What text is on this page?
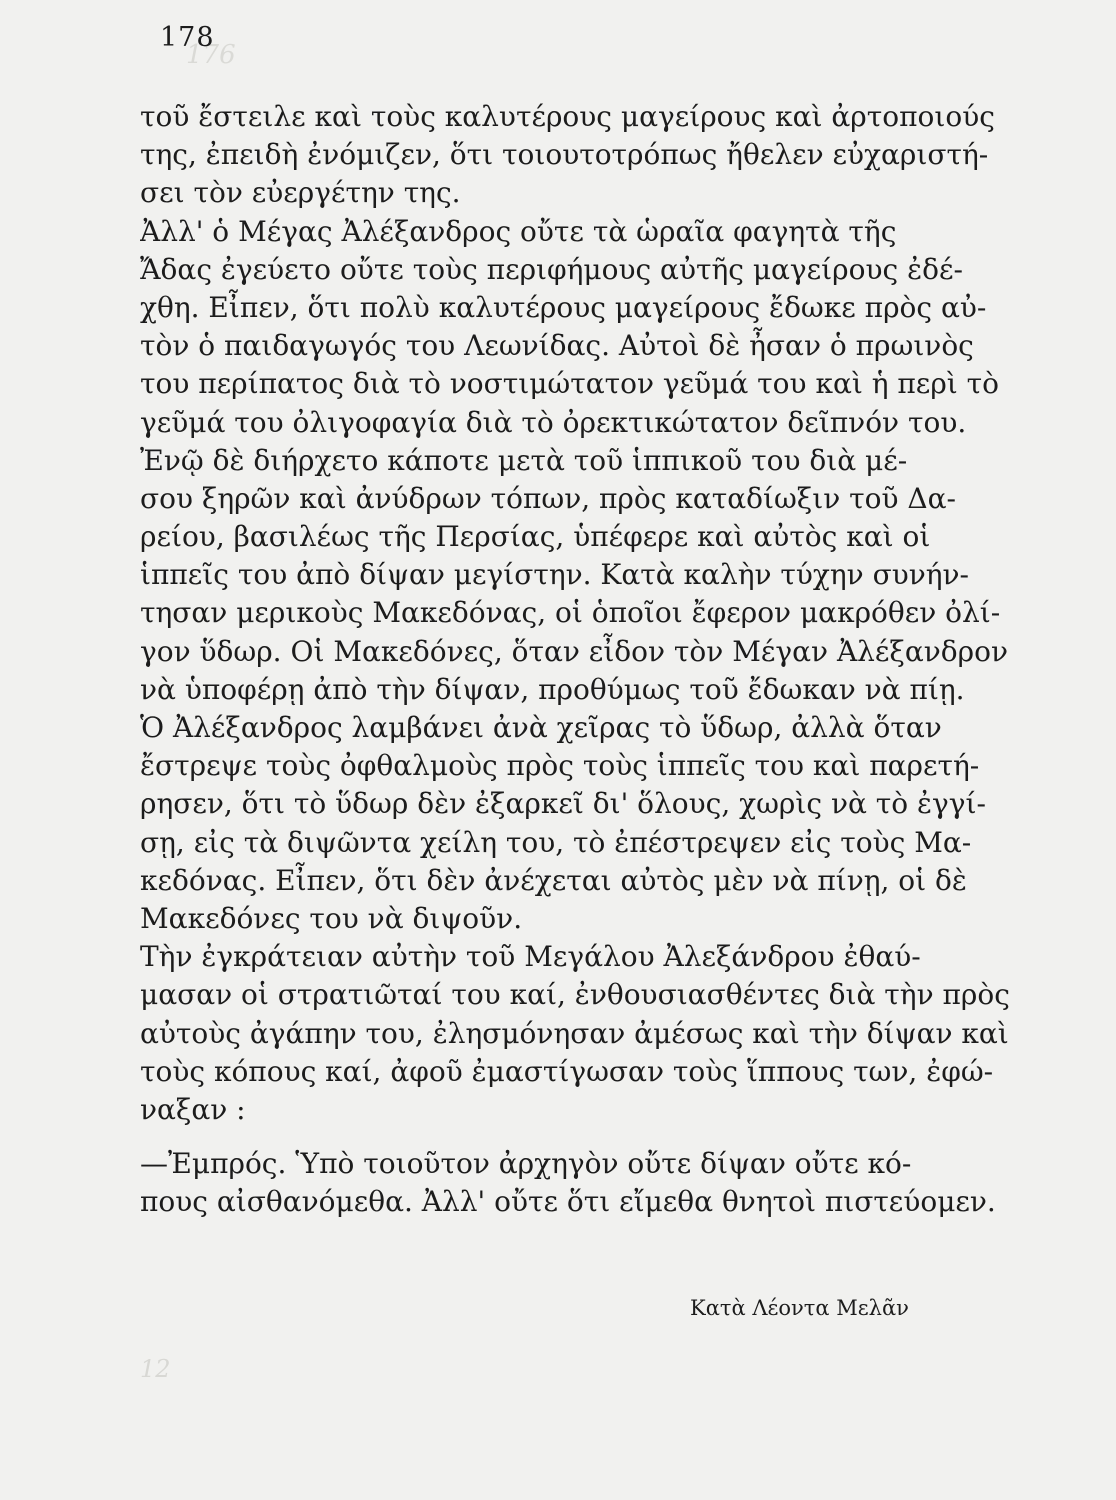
176
178
τοῦ ἔστειλε καὶ τοὺς καλυτέρους μαγείρους καὶ ἀρτοποιούς
της, ἐπειδὴ ἐνόμιζεν, ὅτι τοιουτοτρόπως ἤθελεν εὐχαριστή-
σει τὸν εὐεργέτην της.
Ἀλλ' ὁ Μέγας Ἀλέξανδρος οὔτε τὰ ὡραῖα φαγητὰ τῆς
Ἄδας ἐγεύετο οὔτε τοὺς περιφήμους αὐτῆς μαγείρους ἐδέ-
χθη. Εἶπεν, ὅτι πολὺ καλυτέρους μαγείρους ἔδωκε πρὸς αὐ-
τὸν ὁ παιδαγωγός του Λεωνίδας. Αὐτοὶ δὲ ἦσαν ὁ πρωινὸς
του περίπατος διὰ τὸ νοστιμώτατον γεῦμά του καὶ ἡ περὶ τὸ
γεῦμά του ὀλιγοφαγία διὰ τὸ ὀρεκτικώτατον δεῖπνόν του.
Ἐνῷ δὲ διήρχετο κάποτε μετὰ τοῦ ἱππικοῦ του διὰ μέ-
σου ξηρῶν καὶ ἀνύδρων τόπων, πρὸς καταδίωξιν τοῦ Δα-
ρείου, βασιλέως τῆς Περσίας, ὑπέφερε καὶ αὐτὸς καὶ οἱ
ἱππεῖς του ἀπὸ δίψαν μεγίστην. Κατὰ καλὴν τύχην συνήν-
τησαν μερικοὺς Μακεδόνας, οἱ ὁποῖοι ἔφερον μακρόθεν ὀλί-
γον ὕδωρ. Οἱ Μακεδόνες, ὅταν εἶδον τὸν Μέγαν Ἀλέξανδρον
νὰ ὑποφέρῃ ἀπὸ τὴν δίψαν, προθύμως τοῦ ἔδωκαν νὰ πίῃ.
Ὁ Ἀλέξανδρος λαμβάνει ἀνὰ χεῖρας τὸ ὕδωρ, ἀλλὰ ὅταν
ἔστρεψε τοὺς ὀφθαλμοὺς πρὸς τοὺς ἱππεῖς του καὶ παρετή-
ρησεν, ὅτι τὸ ὕδωρ δὲν ἐξαρκεῖ δι' ὅλους, χωρὶς νὰ τὸ ἐγγί-
σῃ, εἰς τὰ διψῶντα χείλη του, τὸ ἐπέστρεψεν εἰς τοὺς Μα-
κεδόνας. Εἶπεν, ὅτι δὲν ἀνέχεται αὐτὸς μὲν νὰ πίνῃ, οἱ δὲ
Μακεδόνες του νὰ διψοῦν.
Τὴν ἐγκράτειαν αὐτὴν τοῦ Μεγάλου Ἀλεξάνδρου ἐθαύ-
μασαν οἱ στρατιῶταί του καί, ἐνθουσιασθέντες διὰ τὴν πρὸς
αὐτοὺς ἀγάπην του, ἐλησμόνησαν ἀμέσως καὶ τὴν δίψαν καὶ
τοὺς κόπους καί, ἀφοῦ ἐμαστίγωσαν τοὺς ἵππους των, ἐφώ-
ναξαν :
—Ἐμπρός. Ὑπὸ τοιοῦτον ἀρχηγὸν οὔτε δίψαν οὔτε κό-
πους αἰσθανόμεθα. Ἀλλ' οὔτε ὅτι εἴμεθα θνητοὶ πιστεύομεν.
Κατὰ Λέοντα Μελᾶν
12
